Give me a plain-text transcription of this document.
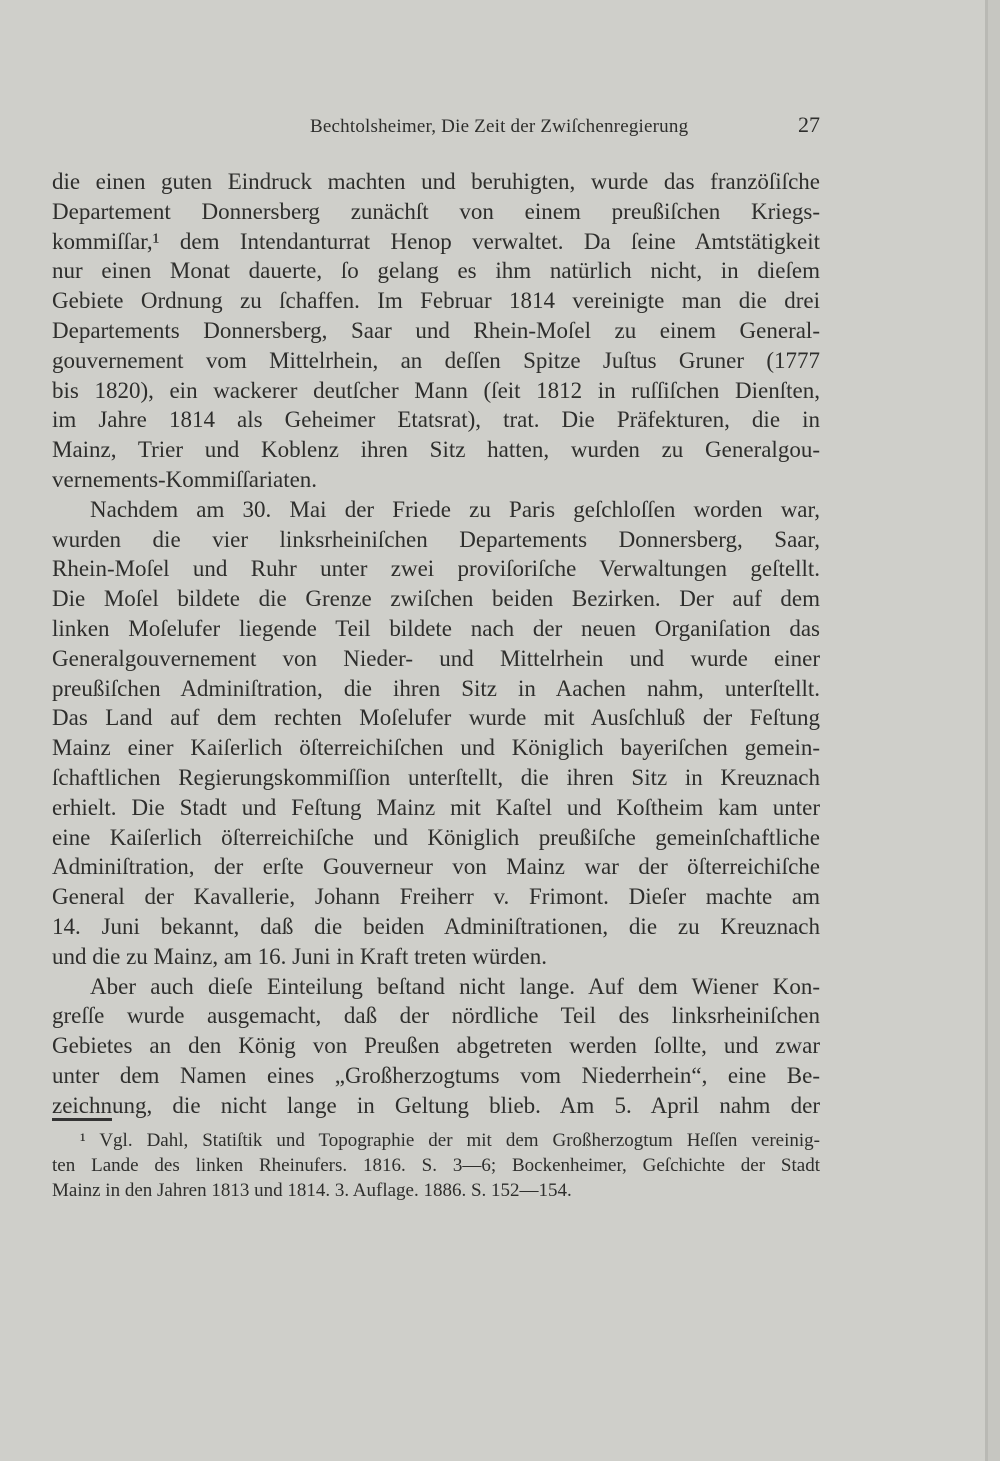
Bechtolsheimer, Die Zeit der Zwiſchenregierung	27
die einen guten Eindruck machten und beruhigten, wurde das franzöſiſche
Departement Donnersberg zunächſt von einem preußiſchen Kriegs-
kommiſſar,¹ dem Intendanturrat Henop verwaltet. Da ſeine Amtstätigkeit
nur einen Monat dauerte, ſo gelang es ihm natürlich nicht, in dieſem
Gebiete Ordnung zu ſchaffen. Im Februar 1814 vereinigte man die drei
Departements Donnersberg, Saar und Rhein-Moſel zu einem General-
gouvernement vom Mittelrhein, an deſſen Spitze Juſtus Gruner (1777
bis 1820), ein wackerer deutſcher Mann (ſeit 1812 in ruſſiſchen Dienſten,
im Jahre 1814 als Geheimer Etatsrat), trat. Die Präfekturen, die in
Mainz, Trier und Koblenz ihren Sitz hatten, wurden zu Generalgou-
vernements-Kommiſſariaten.
Nachdem am 30. Mai der Friede zu Paris geſchloſſen worden war,
wurden die vier linksrheiniſchen Departements Donnersberg, Saar,
Rhein-Moſel und Ruhr unter zwei proviſoriſche Verwaltungen geſtellt.
Die Moſel bildete die Grenze zwiſchen beiden Bezirken. Der auf dem
linken Moſelufer liegende Teil bildete nach der neuen Organiſation das
Generalgouvernement von Nieder- und Mittelrhein und wurde einer
preußiſchen Adminiſtration, die ihren Sitz in Aachen nahm, unterſtellt.
Das Land auf dem rechten Moſelufer wurde mit Ausſchluß der Feſtung
Mainz einer Kaiſerlich öſterreichiſchen und Königlich bayeriſchen gemein-
ſchaftlichen Regierungskommiſſion unterſtellt, die ihren Sitz in Kreuznach
erhielt. Die Stadt und Feſtung Mainz mit Kaſtel und Koſtheim kam unter
eine Kaiſerlich öſterreichiſche und Königlich preußiſche gemeinſchaftliche
Adminiſtration, der erſte Gouverneur von Mainz war der öſterreichiſche
General der Kavallerie, Johann Freiherr v. Frimont. Dieſer machte am
14. Juni bekannt, daß die beiden Adminiſtrationen, die zu Kreuznach
und die zu Mainz, am 16. Juni in Kraft treten würden.
Aber auch dieſe Einteilung beſtand nicht lange. Auf dem Wiener Kon-
greſſe wurde ausgemacht, daß der nördliche Teil des linksrheiniſchen
Gebietes an den König von Preußen abgetreten werden ſollte, und zwar
unter dem Namen eines „Großherzogtums vom Niederrhein“, eine Be-
zeichnung, die nicht lange in Geltung blieb. Am 5. April nahm der
¹ Vgl. Dahl, Statiſtik und Topographie der mit dem Großherzogtum Heſſen vereinig-
ten Lande des linken Rheinufers. 1816. S. 3—6; Bockenheimer, Geſchichte der Stadt
Mainz in den Jahren 1813 und 1814. 3. Auflage. 1886. S. 152—154.
